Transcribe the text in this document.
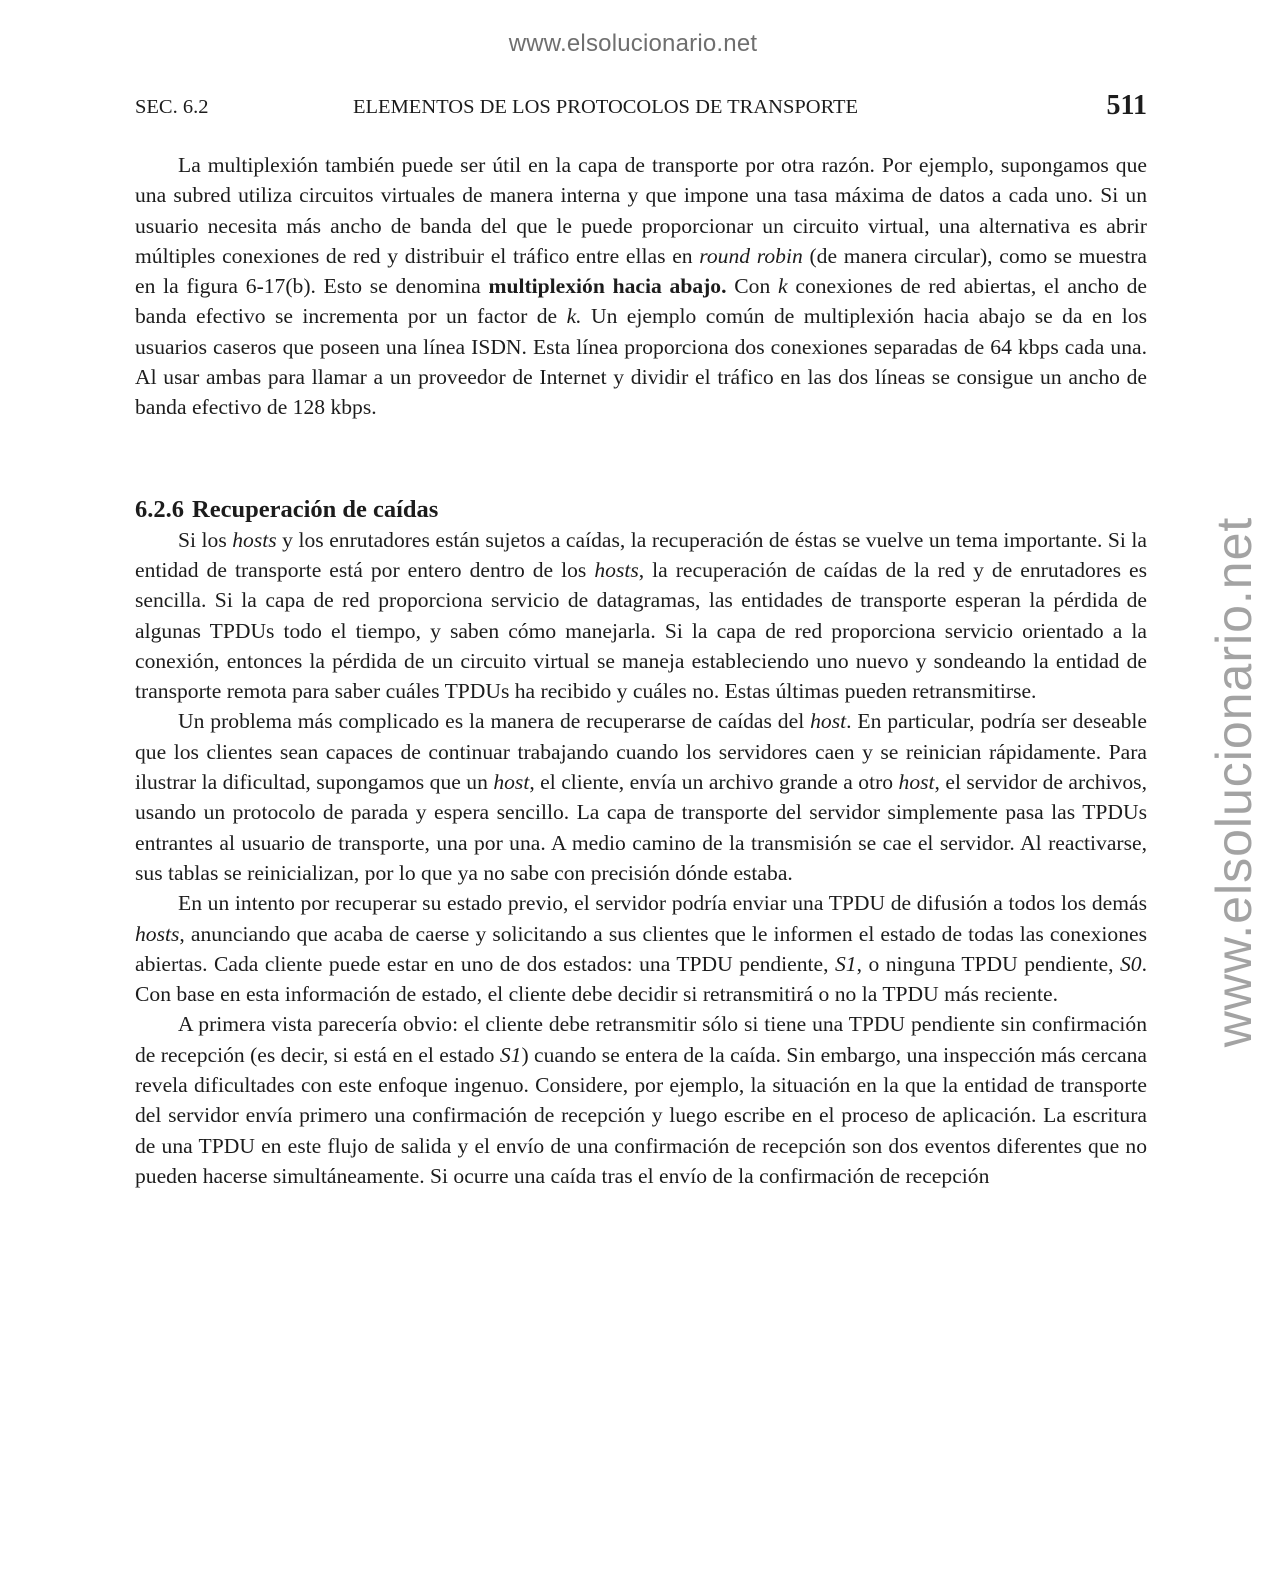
www.elsolucionario.net
www.elsolucionario.net
SEC. 6.2	ELEMENTOS DE LOS PROTOCOLOS DE TRANSPORTE	511

La multiplexión también puede ser útil en la capa de transporte por otra razón. Por ejemplo, supongamos que una subred utiliza circuitos virtuales de manera interna y que impone una tasa máxima de datos a cada uno. Si un usuario necesita más ancho de banda del que le puede proporcionar un circuito virtual, una alternativa es abrir múltiples conexiones de red y distribuir el tráfico entre ellas en round robin (de manera circular), como se muestra en la figura 6-17(b). Esto se denomina multiplexión hacia abajo. Con k conexiones de red abiertas, el ancho de banda efectivo se incrementa por un factor de k. Un ejemplo común de multiplexión hacia abajo se da en los usuarios caseros que poseen una línea ISDN. Esta línea proporciona dos conexiones separadas de 64 kbps cada una. Al usar ambas para llamar a un proveedor de Internet y dividir el tráfico en las dos líneas se consigue un ancho de banda efectivo de 128 kbps.

6.2.6 Recuperación de caídas

Si los hosts y los enrutadores están sujetos a caídas, la recuperación de éstas se vuelve un tema importante. Si la entidad de transporte está por entero dentro de los hosts, la recuperación de caídas de la red y de enrutadores es sencilla. Si la capa de red proporciona servicio de datagramas, las entidades de transporte esperan la pérdida de algunas TPDUs todo el tiempo, y saben cómo manejarla. Si la capa de red proporciona servicio orientado a la conexión, entonces la pérdida de un circuito virtual se maneja estableciendo uno nuevo y sondeando la entidad de transporte remota para saber cuáles TPDUs ha recibido y cuáles no. Estas últimas pueden retransmitirse.

Un problema más complicado es la manera de recuperarse de caídas del host. En particular, podría ser deseable que los clientes sean capaces de continuar trabajando cuando los servidores caen y se reinician rápidamente. Para ilustrar la dificultad, supongamos que un host, el cliente, envía un archivo grande a otro host, el servidor de archivos, usando un protocolo de parada y espera sencillo. La capa de transporte del servidor simplemente pasa las TPDUs entrantes al usuario de transporte, una por una. A medio camino de la transmisión se cae el servidor. Al reactivarse, sus tablas se reinicializan, por lo que ya no sabe con precisión dónde estaba.

En un intento por recuperar su estado previo, el servidor podría enviar una TPDU de difusión a todos los demás hosts, anunciando que acaba de caerse y solicitando a sus clientes que le informen el estado de todas las conexiones abiertas. Cada cliente puede estar en uno de dos estados: una TPDU pendiente, S1, o ninguna TPDU pendiente, S0. Con base en esta información de estado, el cliente debe decidir si retransmitirá o no la TPDU más reciente.

A primera vista parecería obvio: el cliente debe retransmitir sólo si tiene una TPDU pendiente sin confirmación de recepción (es decir, si está en el estado S1) cuando se entera de la caída. Sin embargo, una inspección más cercana revela dificultades con este enfoque ingenuo. Considere, por ejemplo, la situación en la que la entidad de transporte del servidor envía primero una confirmación de recepción y luego escribe en el proceso de aplicación. La escritura de una TPDU en este flujo de salida y el envío de una confirmación de recepción son dos eventos diferentes que no pueden hacerse simultáneamente. Si ocurre una caída tras el envío de la confirmación de recepción
